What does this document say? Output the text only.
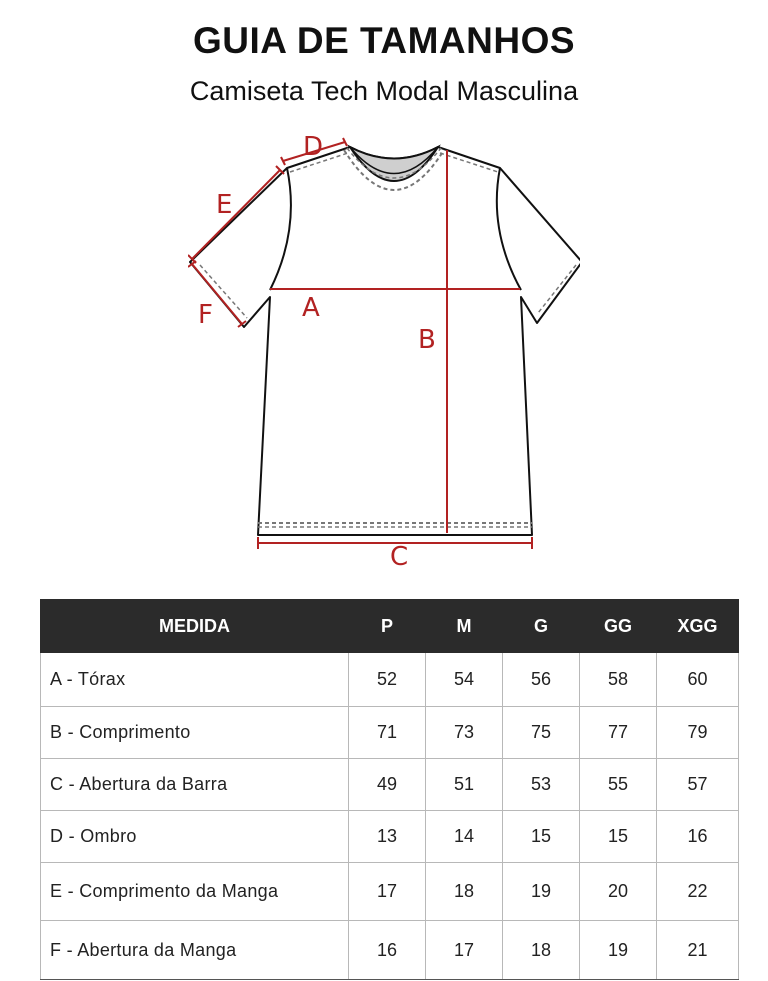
GUIA DE TAMANHOS
Camiseta Tech Modal Masculina
A
B
C
D
E
F
MEDIDA	P	M	G	GG	XGG
A - Tórax	52	54	56	58	60
B - Comprimento	71	73	75	77	79
C - Abertura da Barra	49	51	53	55	57
D - Ombro	13	14	15	15	16
E - Comprimento da Manga	17	18	19	20	22
F - Abertura da Manga	16	17	18	19	21
